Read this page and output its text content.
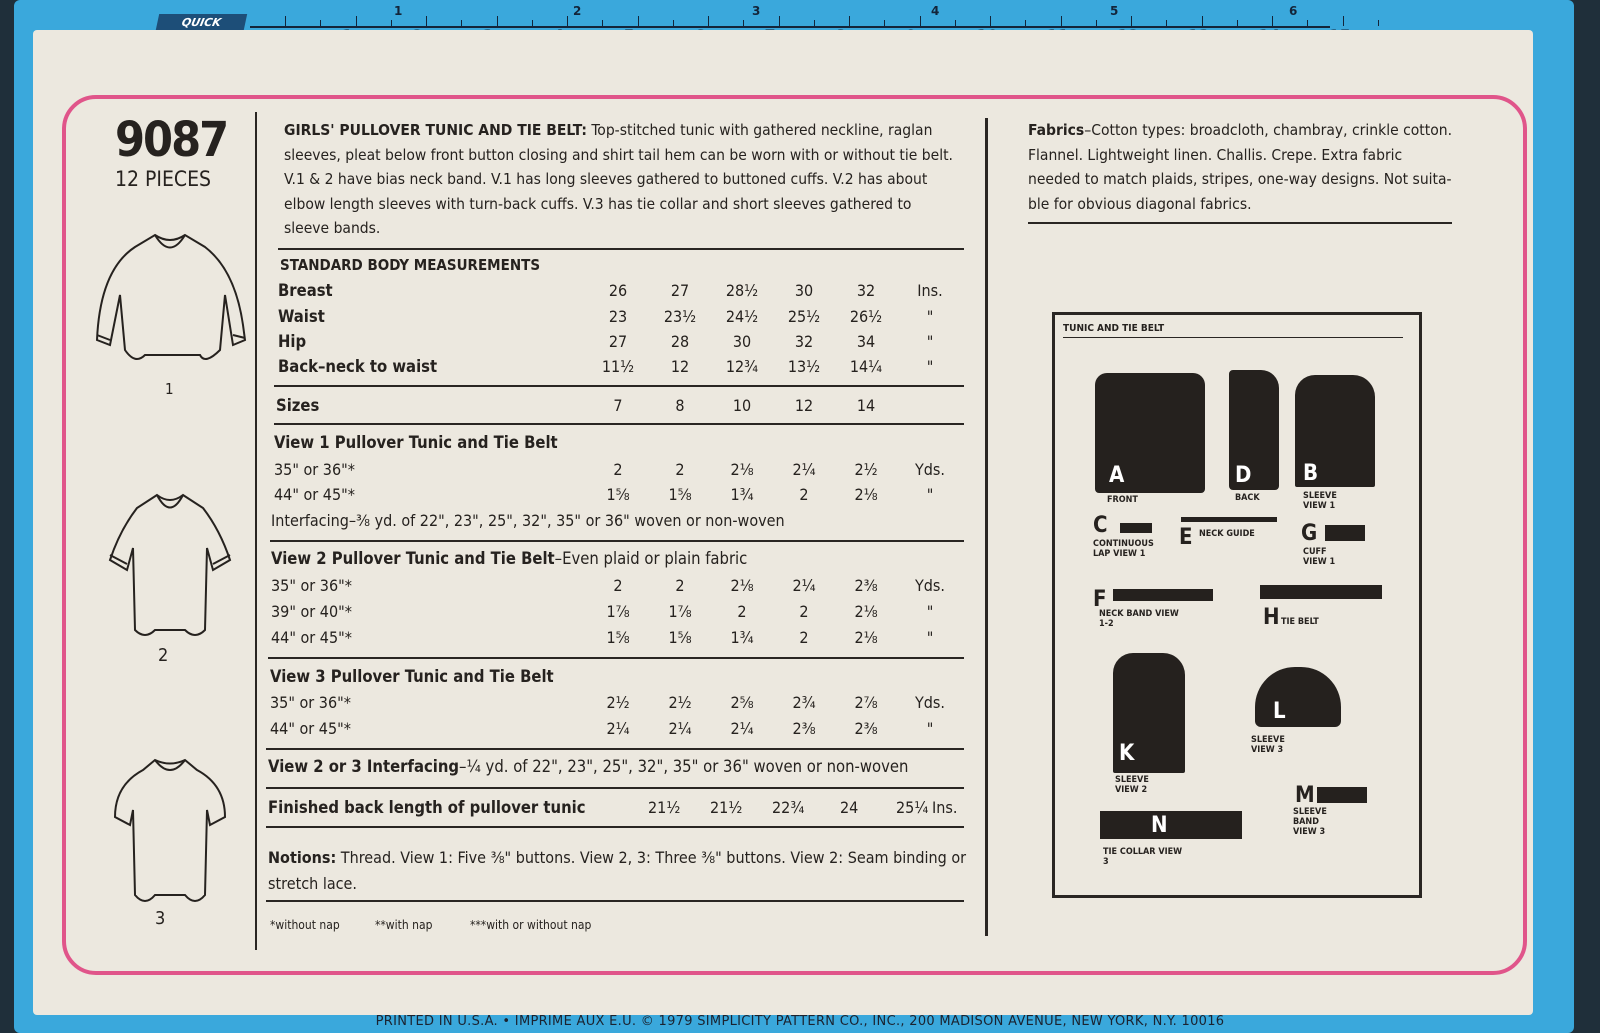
QUICK

1	2	3	4	5	6
9087
12 PIECES
1
2
3
GIRLS' PULLOVER TUNIC AND TIE BELT: Top-stitched tunic with gathered neckline, raglan
sleeves, pleat below front button closing and shirt tail hem can be worn with or without tie belt.
V.1 & 2 have bias neck band. V.1 has long sleeves gathered to buttoned cuffs. V.2 has about
elbow length sleeves with turn-back cuffs. V.3 has tie collar and short sleeves gathered to
sleeve bands.
STANDARD BODY MEASUREMENTS
Breast	26	27	28½	30	32	Ins.
Waist	23	23½	24½	25½	26½	"
Hip	27	28	30	32	34	"
Back–neck to waist	11½	12	12¾	13½	14¼	"
Sizes	7	8	10	12	14
View 1 Pullover Tunic and Tie Belt
35" or 36"*	2	2	2⅛	2¼	2½	Yds.
44" or 45"*	1⅝	1⅝	1¾	2	2⅛	"
Interfacing–⅜ yd. of 22", 23", 25", 32", 35" or 36" woven or non-woven
View 2 Pullover Tunic and Tie Belt–Even plaid or plain fabric
35" or 36"*	2	2	2⅛	2¼	2⅜	Yds.
39" or 40"*	1⅞	1⅞	2	2	2⅛	"
44" or 45"*	1⅝	1⅝	1¾	2	2⅛	"
View 3 Pullover Tunic and Tie Belt
35" or 36"*	2½	2½	2⅝	2¾	2⅞	Yds.
44" or 45"*	2¼	2¼	2¼	2⅜	2⅜	"
View 2 or 3 Interfacing–¼ yd. of 22", 23", 25", 32", 35" or 36" woven or non-woven
Finished back length of pullover tunic	21½ 21½ 22¾ 24 25¼ Ins.
Notions: Thread. View 1: Five ⅜" buttons. View 2, 3: Three ⅜" buttons. View 2: Seam binding or
stretch lace.
*without nap	**with nap	***with or without nap
Fabrics–Cotton types: broadcloth, chambray, crinkle cotton.
Flannel. Lightweight linen. Challis. Crepe. Extra fabric
needed to match plaids, stripes, one-way designs. Not suita-
ble for obvious diagonal fabrics.
TUNIC AND TIE BELT
A
FRONT
D
BACK
B
SLEEVE VIEW 1
C
CONTINUOUS LAP VIEW 1
E NECK GUIDE G
CUFF VIEW 1
F
NECK BAND VIEW 1-2	H TIE BELT
K
SLEEVE VIEW 2
L
SLEEVE VIEW 3
M
SLEEVE BAND VIEW 3
N
TIE COLLAR VIEW 3
PRINTED IN U.S.A. • IMPRIME AUX E.U. © 1979 SIMPLICITY PATTERN CO., INC., 200 MADISON AVENUE, NEW YORK, N.Y. 10016
